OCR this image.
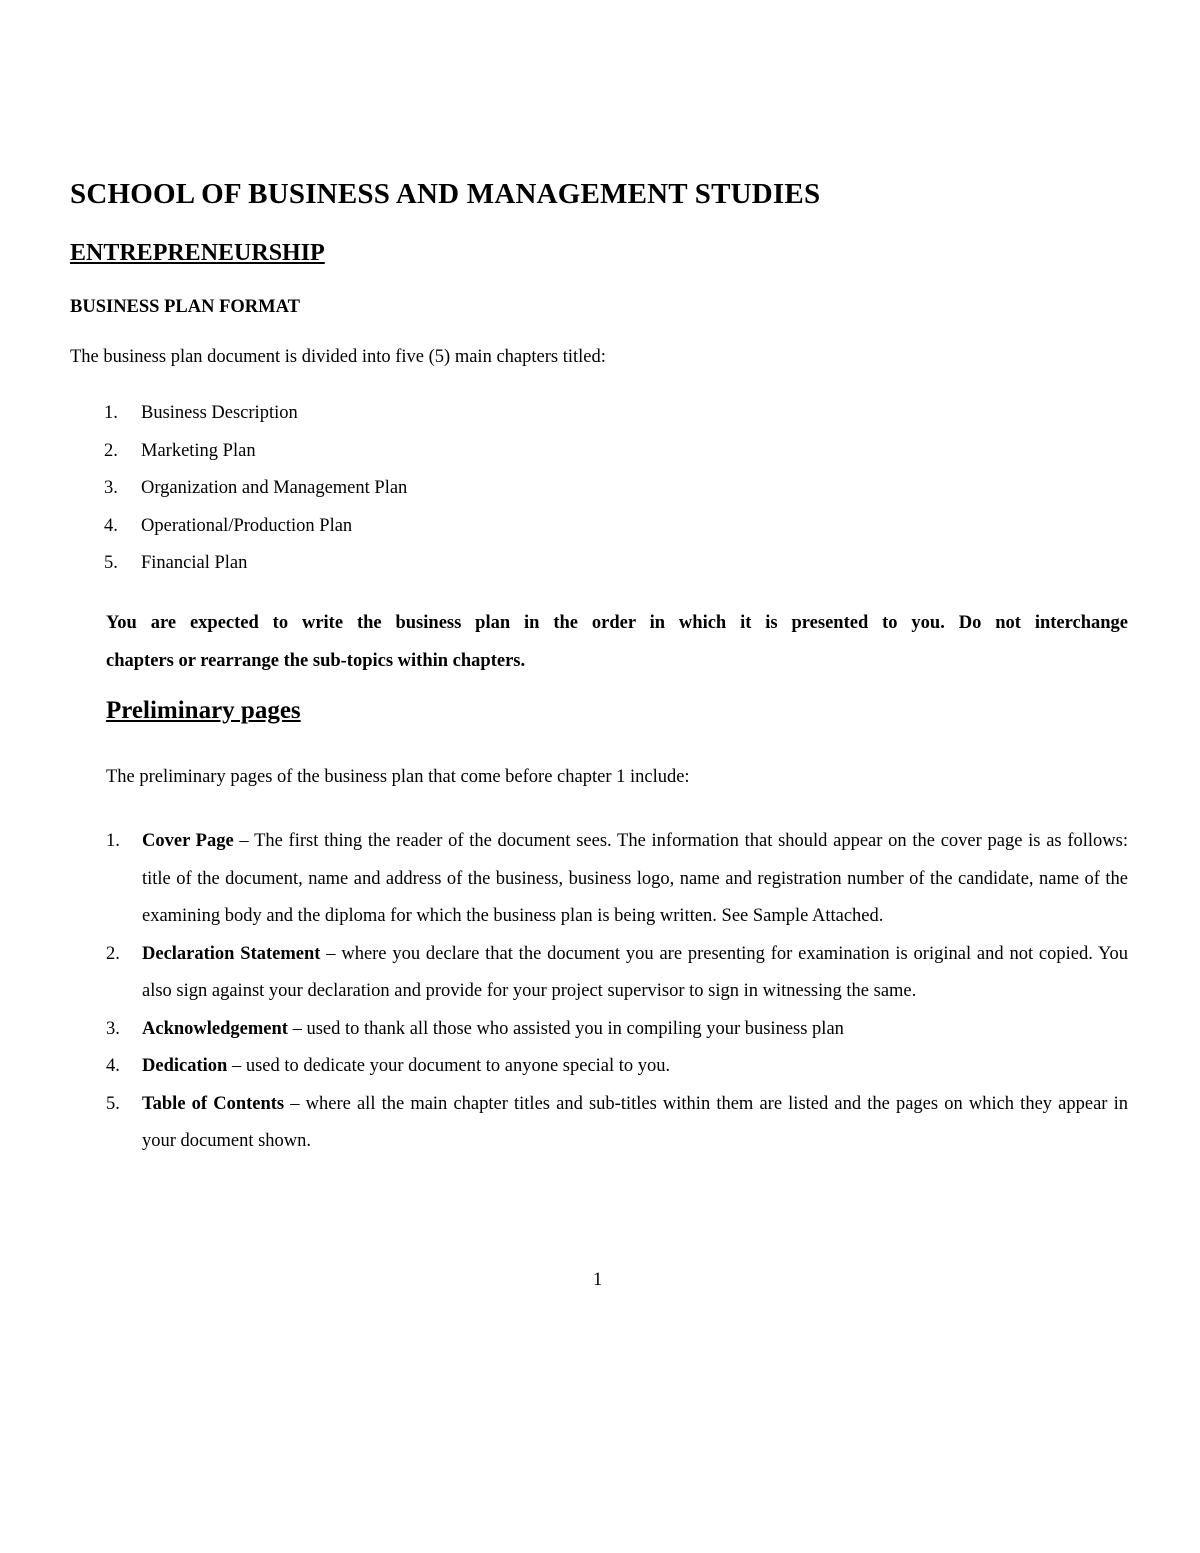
SCHOOL OF BUSINESS AND MANAGEMENT STUDIES
ENTREPRENEURSHIP
BUSINESS PLAN FORMAT
The business plan document is divided into five (5) main chapters titled:
1.	Business Description
2.	Marketing Plan
3.	Organization and Management Plan
4.	Operational/Production Plan
5.	Financial Plan
You are expected to write the business plan in the order in which it is presented to you. Do not interchange
chapters or rearrange the sub-topics within chapters.
Preliminary pages
The preliminary pages of the business plan that come before chapter 1 include:
1.	Cover Page – The first thing the reader of the document sees. The information that should appear on the cover page is as follows: title of the document, name and address of the business, business logo, name and registration number of the candidate, name of the examining body and the diploma for which the business plan is being written. See Sample Attached.
2.	Declaration Statement – where you declare that the document you are presenting for examination is original and not copied. You also sign against your declaration and provide for your project supervisor to sign in witnessing the same.
3.	Acknowledgement – used to thank all those who assisted you in compiling your business plan
4.	Dedication – used to dedicate your document to anyone special to you.
5.	Table of Contents – where all the main chapter titles and sub-titles within them are listed and the pages on which they appear in your document shown.
1
